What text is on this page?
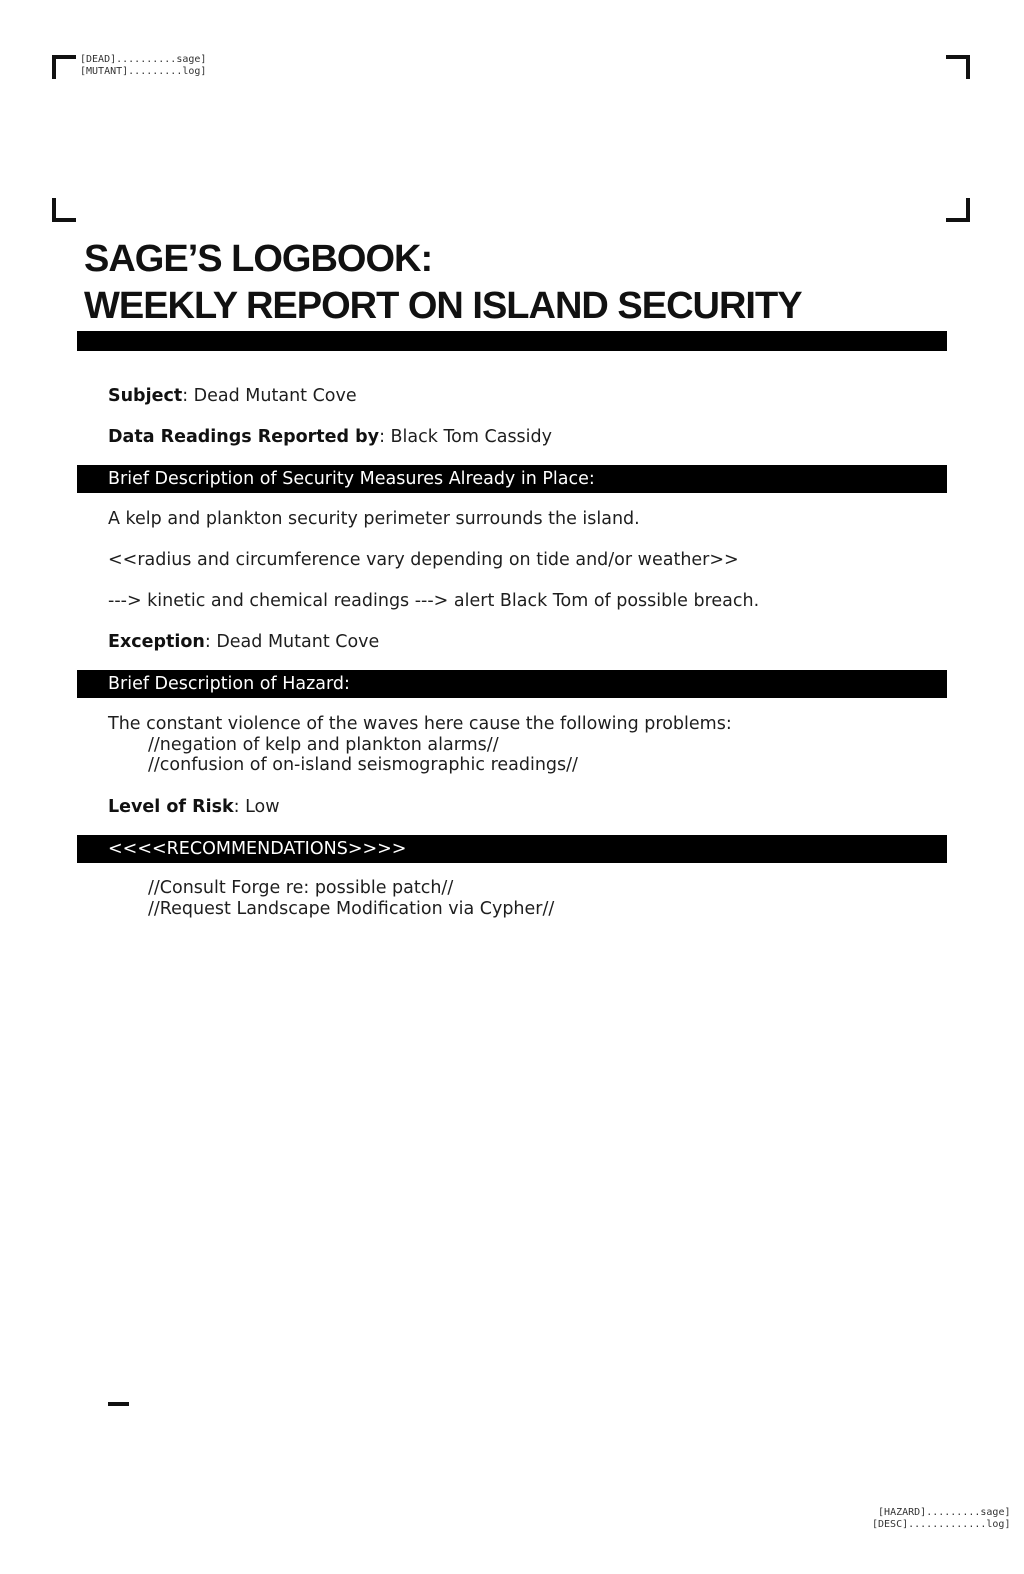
[DEAD]..........sage]
[MUTANT].........log]
SAGE’S LOGBOOK:
WEEKLY REPORT ON ISLAND SECURITY
Subject: Dead Mutant Cove
Data Readings Reported by: Black Tom Cassidy
Brief Description of Security Measures Already in Place:
A kelp and plankton security perimeter surrounds the island.
<<radius and circumference vary depending on tide and/or weather>>
---> kinetic and chemical readings ---> alert Black Tom of possible breach.
Exception: Dead Mutant Cove
Brief Description of Hazard:
The constant violence of the waves here cause the following problems:
//negation of kelp and plankton alarms//
//confusion of on-island seismographic readings//
Level of Risk: Low
<<<<RECOMMENDATIONS>>>>
//Consult Forge re: possible patch//
//Request Landscape Modification via Cypher//
[HAZARD].........sage]
[DESC].............log]
